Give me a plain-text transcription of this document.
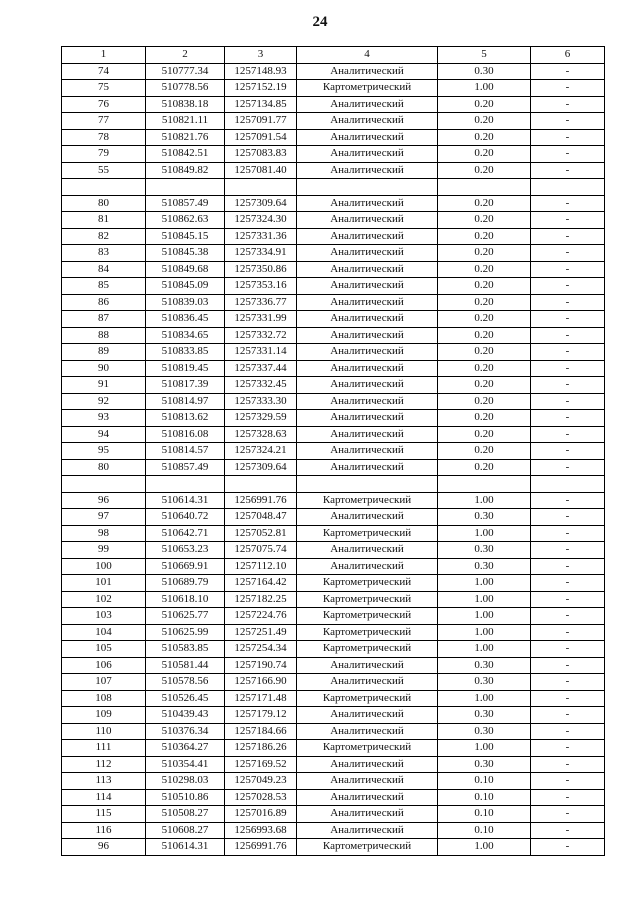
24
1	2	3	4	5	6
74	510777.34	1257148.93	Аналитический	0.30	-
75	510778.56	1257152.19	Картометрический	1.00	-
76	510838.18	1257134.85	Аналитический	0.20	-
77	510821.11	1257091.77	Аналитический	0.20	-
78	510821.76	1257091.54	Аналитический	0.20	-
79	510842.51	1257083.83	Аналитический	0.20	-
55	510849.82	1257081.40	Аналитический	0.20	-

80	510857.49	1257309.64	Аналитический	0.20	-
81	510862.63	1257324.30	Аналитический	0.20	-
82	510845.15	1257331.36	Аналитический	0.20	-
83	510845.38	1257334.91	Аналитический	0.20	-
84	510849.68	1257350.86	Аналитический	0.20	-
85	510845.09	1257353.16	Аналитический	0.20	-
86	510839.03	1257336.77	Аналитический	0.20	-
87	510836.45	1257331.99	Аналитический	0.20	-
88	510834.65	1257332.72	Аналитический	0.20	-
89	510833.85	1257331.14	Аналитический	0.20	-
90	510819.45	1257337.44	Аналитический	0.20	-
91	510817.39	1257332.45	Аналитический	0.20	-
92	510814.97	1257333.30	Аналитический	0.20	-
93	510813.62	1257329.59	Аналитический	0.20	-
94	510816.08	1257328.63	Аналитический	0.20	-
95	510814.57	1257324.21	Аналитический	0.20	-
80	510857.49	1257309.64	Аналитический	0.20	-

96	510614.31	1256991.76	Картометрический	1.00	-
97	510640.72	1257048.47	Аналитический	0.30	-
98	510642.71	1257052.81	Картометрический	1.00	-
99	510653.23	1257075.74	Аналитический	0.30	-
100	510669.91	1257112.10	Аналитический	0.30	-
101	510689.79	1257164.42	Картометрический	1.00	-
102	510618.10	1257182.25	Картометрический	1.00	-
103	510625.77	1257224.76	Картометрический	1.00	-
104	510625.99	1257251.49	Картометрический	1.00	-
105	510583.85	1257254.34	Картометрический	1.00	-
106	510581.44	1257190.74	Аналитический	0.30	-
107	510578.56	1257166.90	Аналитический	0.30	-
108	510526.45	1257171.48	Картометрический	1.00	-
109	510439.43	1257179.12	Аналитический	0.30	-
110	510376.34	1257184.66	Аналитический	0.30	-
111	510364.27	1257186.26	Картометрический	1.00	-
112	510354.41	1257169.52	Аналитический	0.30	-
113	510298.03	1257049.23	Аналитический	0.10	-
114	510510.86	1257028.53	Аналитический	0.10	-
115	510508.27	1257016.89	Аналитический	0.10	-
116	510608.27	1256993.68	Аналитический	0.10	-
96	510614.31	1256991.76	Картометрический	1.00	-
